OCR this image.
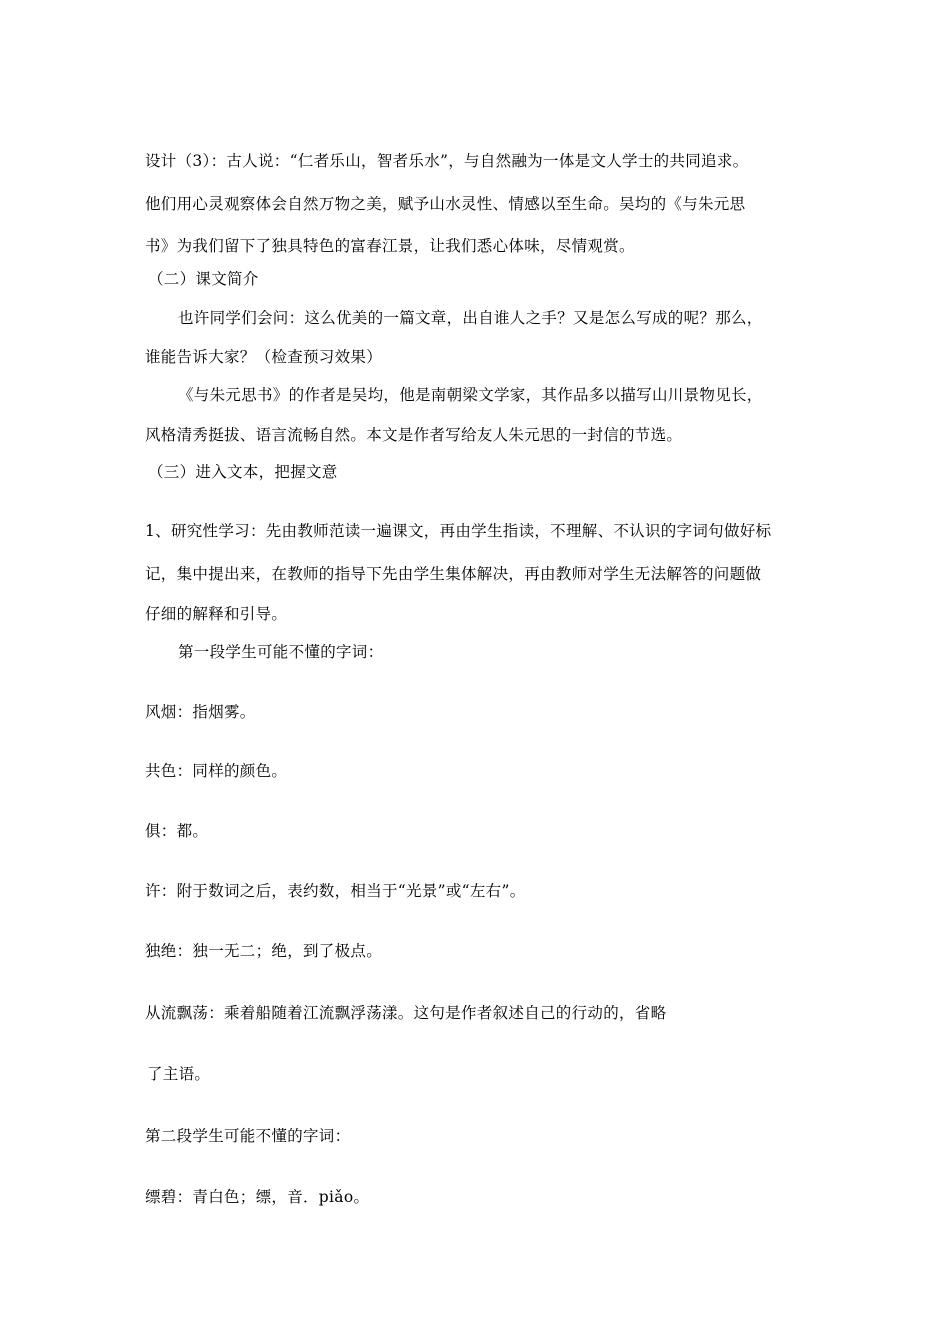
设计（3）：古人说：“仁者乐山，智者乐水”，与自然融为一体是文人学士的共同追求。
他们用心灵观察体会自然万物之美，赋予山水灵性、情感以至生命。吴均的《与朱元思
书》为我们留下了独具特色的富春江景，让我们悉心体味，尽情观赏。
（二）课文简介
也许同学们会问：这么优美的一篇文章，出自谁人之手？又是怎么写成的呢？那么，
谁能告诉大家？（检查预习效果）
《与朱元思书》的作者是吴均，他是南朝梁文学家，其作品多以描写山川景物见长，
风格清秀挺拔、语言流畅自然。本文是作者写给友人朱元思的一封信的节选。
（三）进入文本，把握文意
1、研究性学习：先由教师范读一遍课文，再由学生指读，不理解、不认识的字词句做好标
记，集中提出来，在教师的指导下先由学生集体解决，再由教师对学生无法解答的问题做
仔细的解释和引导。
第一段学生可能不懂的字词：
风烟：指烟雾。
共色：同样的颜色。
俱：都。
许：附于数词之后，表约数，相当于“光景”或“左右”。
独绝：独一无二；绝，到了极点。
从流飘荡：乘着船随着江流飘浮荡漾。这句是作者叙述自己的行动的，省略
了主语。
第二段学生可能不懂的字词：
缥碧：青白色；缥，音．piǎo。
